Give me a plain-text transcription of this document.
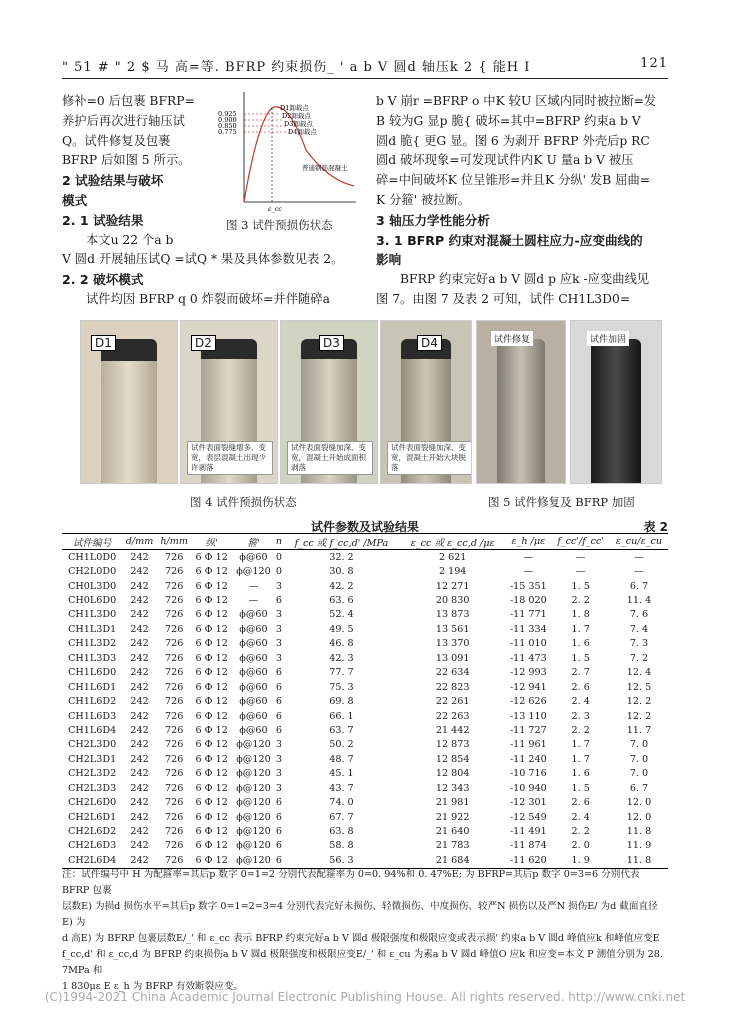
" 51 # " 2 $ 马 高=等. BFRP 约束损伤_ ' a b V 圆d 轴压k 2 { 能H I	121

修补=0 后包裹 BFRP=

养护后再次进行轴压试

Q。试件修复及包裹

BFRP 后如图 5 所示。

2 试验结果与破坏

模式

2. 1 试验结果

本文u 22 个a b

V 圆d 开展轴压试Q =试Q * 果及具体参数见表 2。

2. 2 破坏模式

试件均因 BFRP q 0 炸裂而破坏=并伴随碎a

D1卸载点
D2卸载点
D3卸载点
D4卸载点
0.925
0.900
0.850
0.775
普通钢筋混凝土
ε_cc
图 3 试件预损伤状态

b V 崩r =BFRP o 中K 较U 区域内同时被拉断=发

B 较为G 显p 脆{ 破坏=其中=BFRP 约束a b V

圆d 脆{ 更G 显。图 6 为剥开 BFRP 外壳后p RC

圆d 破坏现象=可发现试件内K U 量a b V 被压

碎=中间破坏K 位呈锥形=并且K 分纵' 发B 屈曲=

K 分箍' 被拉断。

3 轴压力学性能分析

3. 1 BFRP 约束对混凝土圆柱应力-应变曲线的

影响

BFRP 约束完好a b V 圆d p 应k -应变曲线见

图 7。由图 7 及表 2 可知，试件 CH1L3D0=

D1	D2
试件表面裂缝增多、变宽，表层混凝土出现少许剥落
D3
试件表面裂缝加深、变宽，混凝土开始成面积剥落
D4
试件表面裂缝加深、变宽，混凝土开始大块脱落
试件修复	试件加固
图 4 试件预损伤状态	图 5 试件修复及 BFRP 加固
试件参数及试验结果	表 2
试件编号	d/mm	h/mm	纵'	箍'	n	f_cc 或 f_cc,d' /MPa	ε_cc 或 ε_cc,d /με	ε_h /με	f_cc'/f_cc'	ε_cu/ε_cu
CH1L0D0	242	726	6 Φ 12	ϕ@60	0	32. 2	2 621	—	—	—
CH2L0D0	242	726	6 Φ 12	ϕ@120	0	30. 8	2 194	—	—	—
CH0L3D0	242	726	6 Φ 12	—	3	42. 2	12 271	-15 351	1. 5	6. 7
CH0L6D0	242	726	6 Φ 12	—	6	63. 6	20 830	-18 020	2. 2	11. 4
CH1L3D0	242	726	6 Φ 12	ϕ@60	3	52. 4	13 873	-11 771	1. 8	7. 6
CH1L3D1	242	726	6 Φ 12	ϕ@60	3	49. 5	13 561	-11 334	1. 7	7. 4
CH1L3D2	242	726	6 Φ 12	ϕ@60	3	46. 8	13 370	-11 010	1. 6	7. 3
CH1L3D3	242	726	6 Φ 12	ϕ@60	3	42. 3	13 091	-11 473	1. 5	7. 2
CH1L6D0	242	726	6 Φ 12	ϕ@60	6	77. 7	22 634	-12 993	2. 7	12. 4
CH1L6D1	242	726	6 Φ 12	ϕ@60	6	75. 3	22 823	-12 941	2. 6	12. 5
CH1L6D2	242	726	6 Φ 12	ϕ@60	6	69. 8	22 261	-12 626	2. 4	12. 2
CH1L6D3	242	726	6 Φ 12	ϕ@60	6	66. 1	22 263	-13 110	2. 3	12. 2
CH1L6D4	242	726	6 Φ 12	ϕ@60	6	63. 7	21 442	-11 727	2. 2	11. 7
CH2L3D0	242	726	6 Φ 12	ϕ@120	3	50. 2	12 873	-11 961	1. 7	7. 0
CH2L3D1	242	726	6 Φ 12	ϕ@120	3	48. 7	12 854	-11 240	1. 7	7. 0
CH2L3D2	242	726	6 Φ 12	ϕ@120	3	45. 1	12 804	-10 716	1. 6	7. 0
CH2L3D3	242	726	6 Φ 12	ϕ@120	3	43. 7	12 343	-10 940	1. 5	6. 7
CH2L6D0	242	726	6 Φ 12	ϕ@120	6	74. 0	21 981	-12 301	2. 6	12. 0
CH2L6D1	242	726	6 Φ 12	ϕ@120	6	67. 7	21 922	-12 549	2. 4	12. 0
CH2L6D2	242	726	6 Φ 12	ϕ@120	6	63. 8	21 640	-11 491	2. 2	11. 8
CH2L6D3	242	726	6 Φ 12	ϕ@120	6	58. 8	21 783	-11 874	2. 0	11. 9
CH2L6D4	242	726	6 Φ 12	ϕ@120	6	56. 3	21 684	-11 620	1. 9	11. 8
注：试件编号中 H 为配箍率=其后p 数字 0=1=2 分别代表配箍率为 0=0. 94%和 0. 47%E; 为 BFRP=其后p 数字 0=3=6 分别代表 BFRP 包裹
层数E) 为损d 损伤水平=其后p 数字 0=1=2=3=4 分别代表完好未损伤、轻微损伤、中度损伤、较严N 损伤以及严N 损伤E/ 为d 截面直径E) 为
d 高E) 为 BFRP 包裹层数E/_' 和 ε_cc 表示 BFRP 约束完好a b V 圆d 极限强度和极限应变或表示损' 约束a b V 圆d 峰值应k 和峰值应变E
f_cc,d' 和 ε_cc,d 为 BFRP 约束损伤a b V 圆d 极限强度和极限应变E/_' 和 ε_cu 为素a b V 圆d 峰值O 应k 和应变=本文 P 测值分别为 28. 7MPa 和
1 830με E ε_h 为 BFRP 有效断裂应变。
(C)1994-2021 China Academic Journal Electronic Publishing House. All rights reserved. http://www.cnki.net
